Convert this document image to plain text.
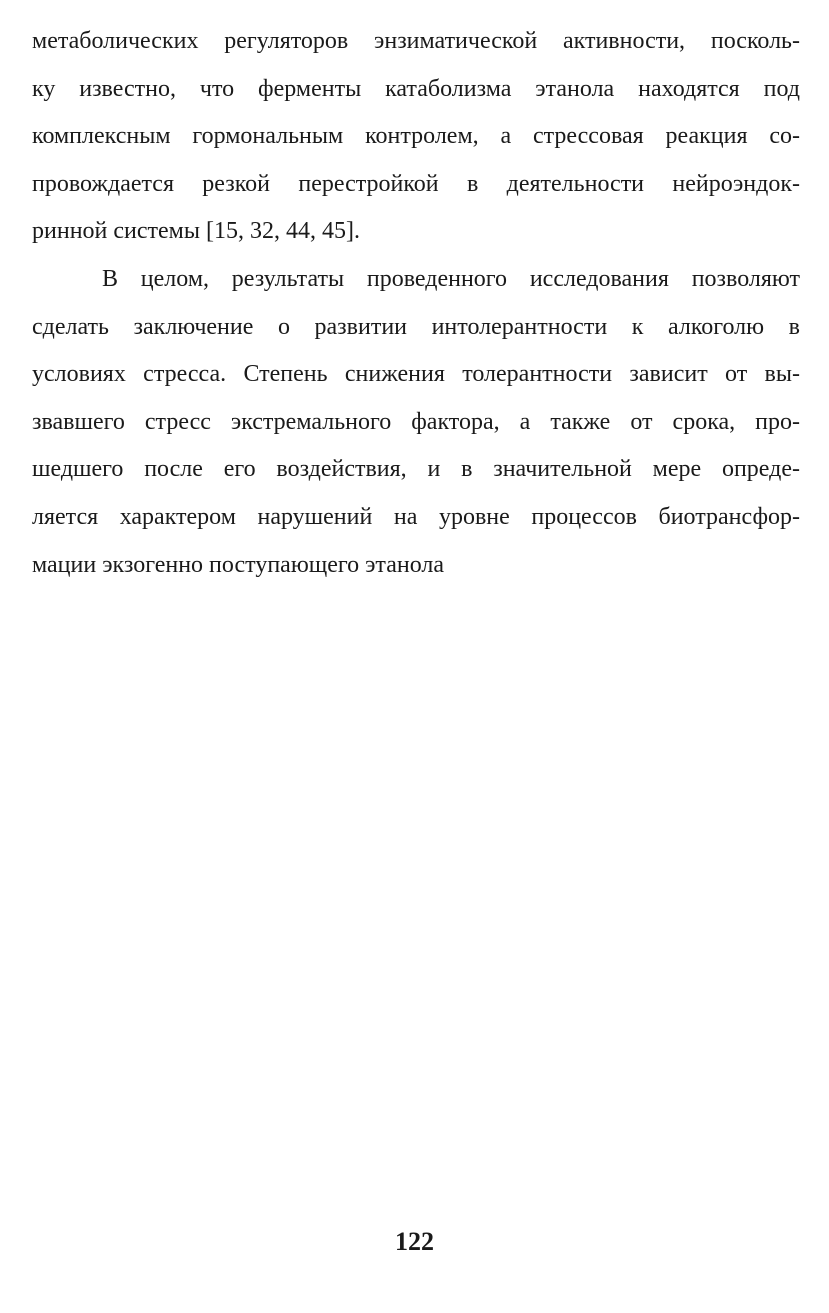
метаболических регуляторов энзиматической активности, посколь-
ку известно, что ферменты катаболизма этанола находятся под
комплексным гормональным контролем, а стрессовая реакция со-
провождается резкой перестройкой в деятельности нейроэндок-
ринной системы [15, 32, 44, 45].
В целом, результаты проведенного исследования позволяют
сделать заключение о развитии интолерантности к алкоголю в
условиях стресса. Степень снижения толерантности зависит от вы-
звавшего стресс экстремального фактора, а также от срока, про-
шедшего после его воздействия, и в значительной мере опреде-
ляется характером нарушений на уровне процессов биотрансфор-
мации экзогенно поступающего этанола
122
